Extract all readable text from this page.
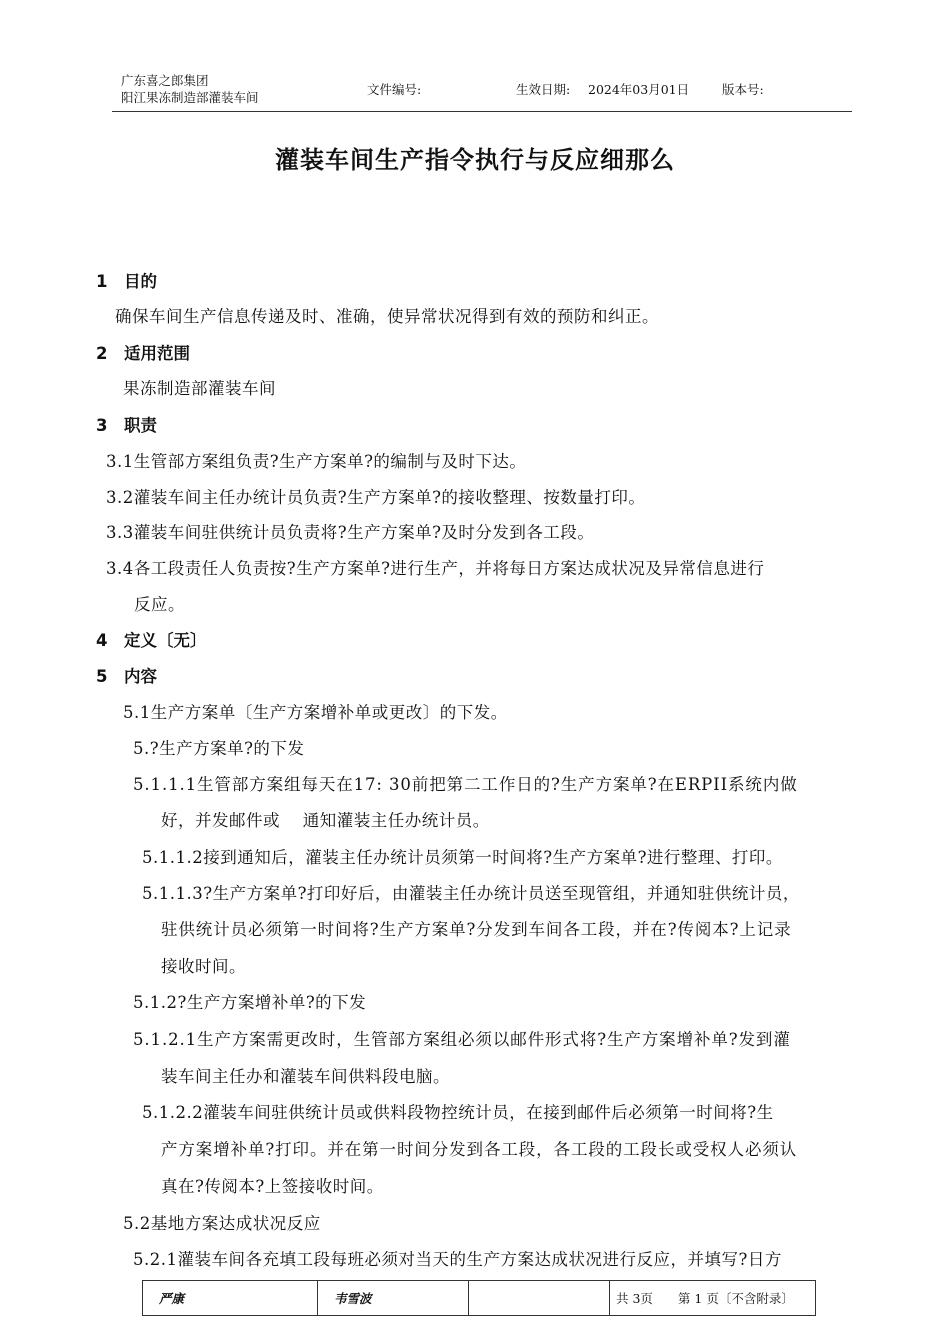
广东喜之郎集团
阳江果冻制造部灌装车间
文件编号:	生效日期: 2024年03月01日	版本号:
灌装车间生产指令执行与反应细那么
1 目的
确保车间生产信息传递及时、准确，使异常状况得到有效的预防和纠正。
2 适用范围
果冻制造部灌装车间
3 职责
3.1生管部方案组负责?生产方案单?的编制与及时下达。
3.2灌装车间主任办统计员负责?生产方案单?的接收整理、按数量打印。
3.3灌装车间驻供统计员负责将?生产方案单?及时分发到各工段。
3.4各工段责任人负责按?生产方案单?进行生产，并将每日方案达成状况及异常信息进行
反应。
4 定义〔无〕
5 内容
5.1生产方案单〔生产方案增补单或更改〕的下发。
5.?生产方案单?的下发
5.1.1.1生管部方案组每天在17: 30前把第二工作日的?生产方案单?在ERPII系统内做
好，并发邮件或　 通知灌装主任办统计员。
5.1.1.2接到通知后，灌装主任办统计员须第一时间将?生产方案单?进行整理、打印。
5.1.1.3?生产方案单?打印好后，由灌装主任办统计员送至现管组，并通知驻供统计员，
驻供统计员必须第一时间将?生产方案单?分发到车间各工段，并在?传阅本?上记录
接收时间。
5.1.2?生产方案增补单?的下发
5.1.2.1生产方案需更改时，生管部方案组必须以邮件形式将?生产方案增补单?发到灌
装车间主任办和灌装车间供料段电脑。
5.1.2.2灌装车间驻供统计员或供料段物控统计员，在接到邮件后必须第一时间将?生
产方案增补单?打印。并在第一时间分发到各工段，各工段的工段长或受权人必须认
真在?传阅本?上签接收时间。
5.2基地方案达成状况反应
5.2.1灌装车间各充填工段每班必须对当天的生产方案达成状况进行反应，并填写?日方
严康	韦雪波		共 3页　　第 1 页〔不含附录〕
